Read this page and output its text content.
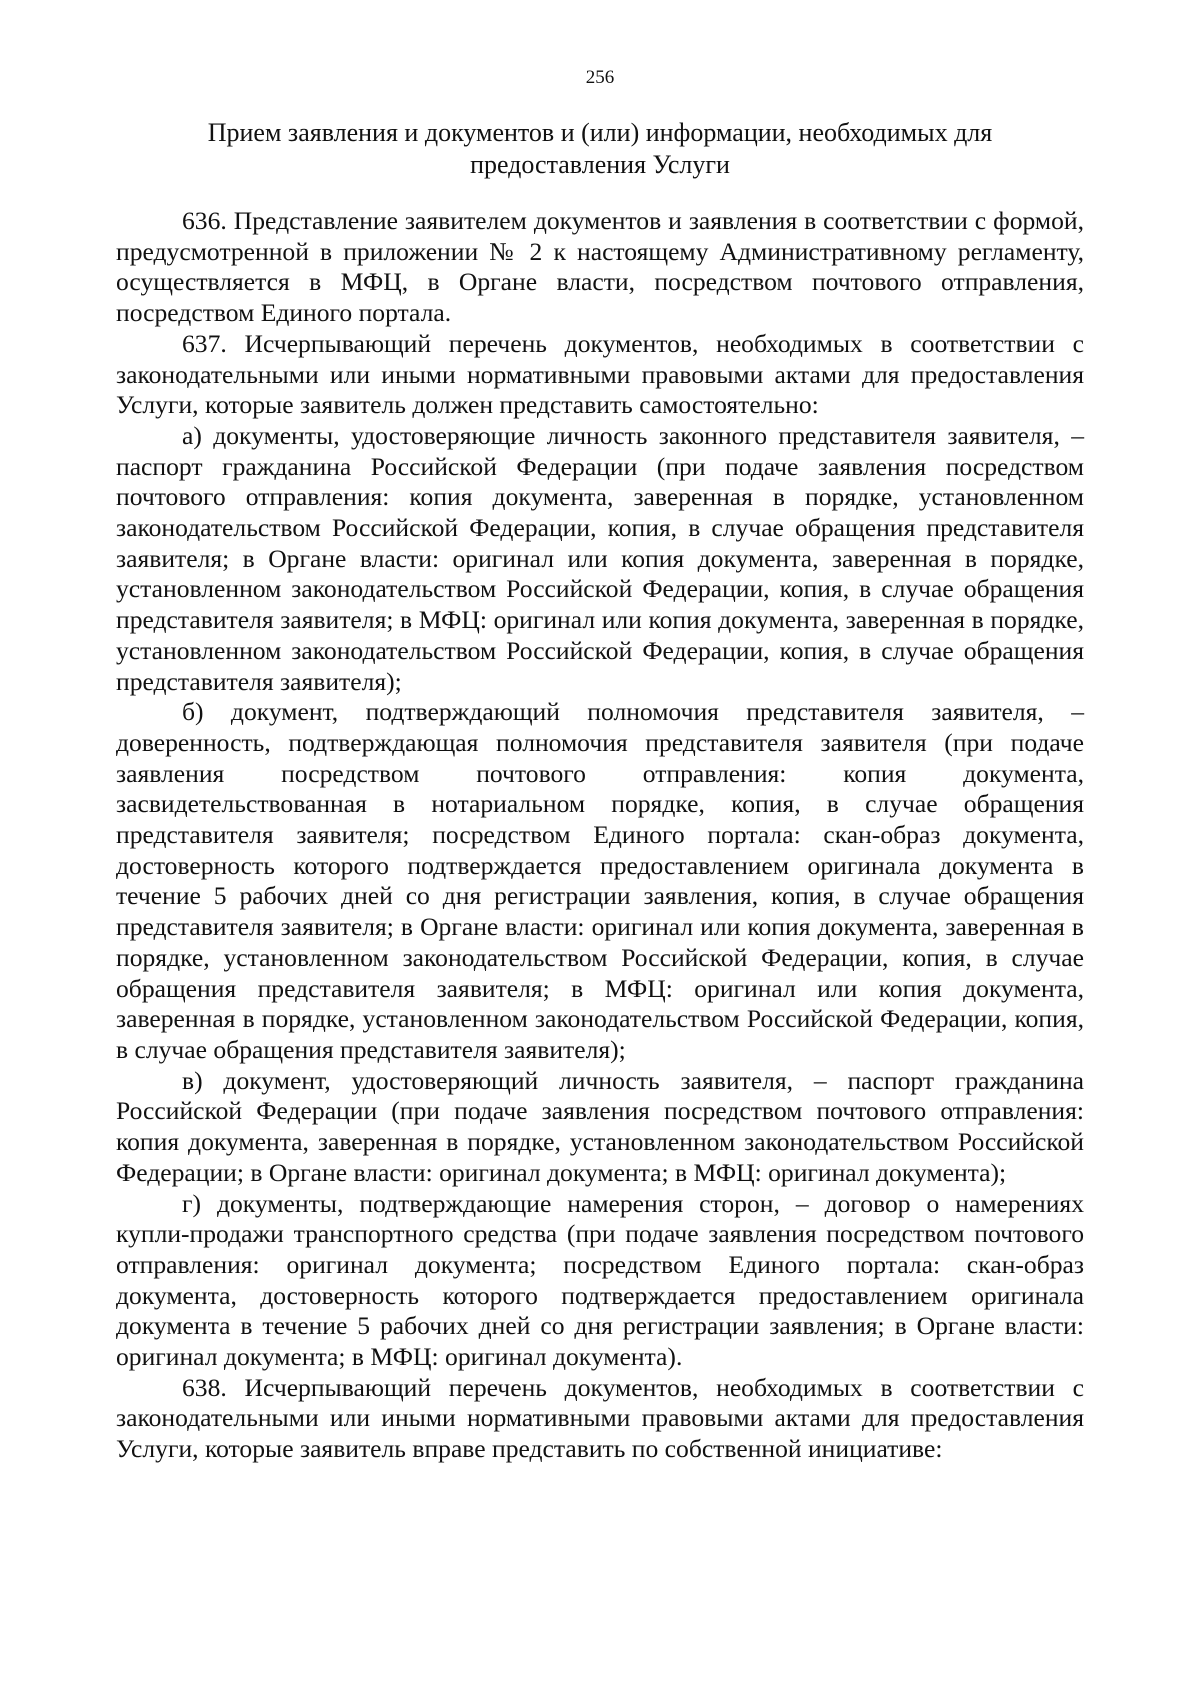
256
Прием заявления и документов и (или) информации, необходимых для предоставления Услуги

636. Представление заявителем документов и заявления в соответствии с формой, предусмотренной в приложении № 2 к настоящему Административному регламенту, осуществляется в МФЦ, в Органе власти, посредством почтового отправления, посредством Единого портала.

637. Исчерпывающий перечень документов, необходимых в соответствии с законодательными или иными нормативными правовыми актами для предоставления Услуги, которые заявитель должен представить самостоятельно:

а) документы, удостоверяющие личность законного представителя заявителя, – паспорт гражданина Российской Федерации (при подаче заявления посредством почтового отправления: копия документа, заверенная в порядке, установленном законодательством Российской Федерации, копия, в случае обращения представителя заявителя; в Органе власти: оригинал или копия документа, заверенная в порядке, установленном законодательством Российской Федерации, копия, в случае обращения представителя заявителя; в МФЦ: оригинал или копия документа, заверенная в порядке, установленном законодательством Российской Федерации, копия, в случае обращения представителя заявителя);

б) документ, подтверждающий полномочия представителя заявителя, – доверенность, подтверждающая полномочия представителя заявителя (при подаче заявления посредством почтового отправления: копия документа, засвидетельствованная в нотариальном порядке, копия, в случае обращения представителя заявителя; посредством Единого портала: скан-образ документа, достоверность которого подтверждается предоставлением оригинала документа в течение 5 рабочих дней со дня регистрации заявления, копия, в случае обращения представителя заявителя; в Органе власти: оригинал или копия документа, заверенная в порядке, установленном законодательством Российской Федерации, копия, в случае обращения представителя заявителя; в МФЦ: оригинал или копия документа, заверенная в порядке, установленном законодательством Российской Федерации, копия, в случае обращения представителя заявителя);

в) документ, удостоверяющий личность заявителя, – паспорт гражданина Российской Федерации (при подаче заявления посредством почтового отправления: копия документа, заверенная в порядке, установленном законодательством Российской Федерации; в Органе власти: оригинал документа; в МФЦ: оригинал документа);

г) документы, подтверждающие намерения сторон, – договор о намерениях купли-продажи транспортного средства (при подаче заявления посредством почтового отправления: оригинал документа; посредством Единого портала: скан-образ документа, достоверность которого подтверждается предоставлением оригинала документа в течение 5 рабочих дней со дня регистрации заявления; в Органе власти: оригинал документа; в МФЦ: оригинал документа).

638. Исчерпывающий перечень документов, необходимых в соответствии с законодательными или иными нормативными правовыми актами для предоставления Услуги, которые заявитель вправе представить по собственной инициативе:
